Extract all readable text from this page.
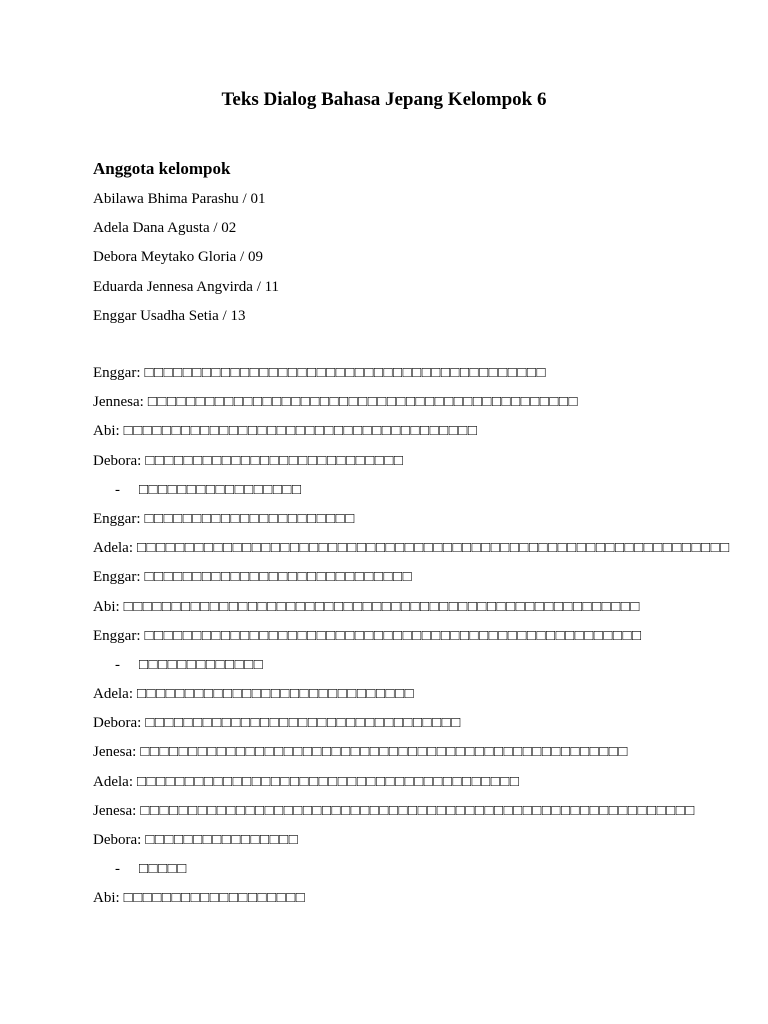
Teks Dialog Bahasa Jepang Kelompok 6
Anggota kelompok
Abilawa Bhima Parashu / 01
Adela Dana Agusta / 02
Debora Meytako Gloria / 09
Eduarda Jennesa Angvirda / 11
Enggar Usadha Setia / 13
Enggar: □□□□□□□□□□□□□□□□□□□□□□□□□□□□□□□□□□□□□□□□□□
Jennesa: □□□□□□□□□□□□□□□□□□□□□□□□□□□□□□□□□□□□□□□□□□□□□
Abi: □□□□□□□□□□□□□□□□□□□□□□□□□□□□□□□□□□□□□
Debora: □□□□□□□□□□□□□□□□□□□□□□□□□□□
- □□□□□□□□□□□□□□□□□
Enggar: □□□□□□□□□□□□□□□□□□□□□□
Adela: □□□□□□□□□□□□□□□□□□□□□□□□□□□□□□□□□□□□□□□□□□□□□□□□□□□□□□□□□□□□□□
Enggar: □□□□□□□□□□□□□□□□□□□□□□□□□□□□
Abi: □□□□□□□□□□□□□□□□□□□□□□□□□□□□□□□□□□□□□□□□□□□□□□□□□□□□□□
Enggar: □□□□□□□□□□□□□□□□□□□□□□□□□□□□□□□□□□□□□□□□□□□□□□□□□□□□
- □□□□□□□□□□□□□
Adela: □□□□□□□□□□□□□□□□□□□□□□□□□□□□□
Debora: □□□□□□□□□□□□□□□□□□□□□□□□□□□□□□□□□
Jenesa: □□□□□□□□□□□□□□□□□□□□□□□□□□□□□□□□□□□□□□□□□□□□□□□□□□□
Adela: □□□□□□□□□□□□□□□□□□□□□□□□□□□□□□□□□□□□□□□□
Jenesa: □□□□□□□□□□□□□□□□□□□□□□□□□□□□□□□□□□□□□□□□□□□□□□□□□□□□□□□□□□
Debora: □□□□□□□□□□□□□□□□
- □□□□□
Abi: □□□□□□□□□□□□□□□□□□□
